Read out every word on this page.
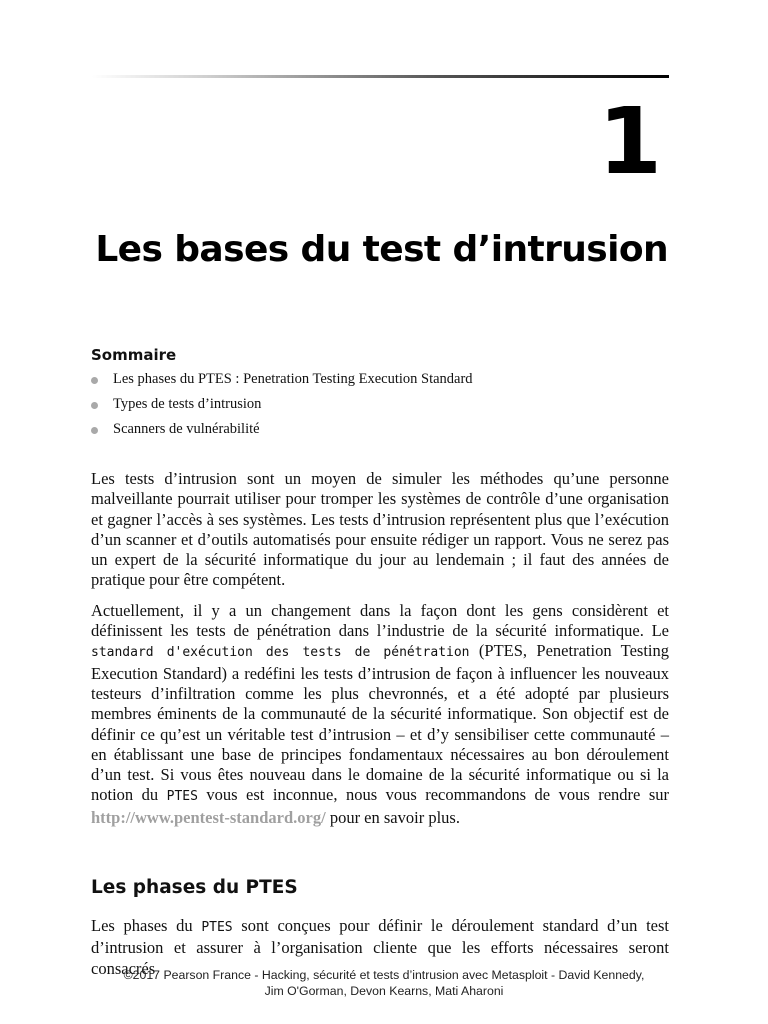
1
Les bases du test d’intrusion
Sommaire
Les phases du PTES : Penetration Testing Execution Standard
Types de tests d’intrusion
Scanners de vulnérabilité

Les tests d’intrusion sont un moyen de simuler les méthodes qu’une personne malveillante pourrait utiliser pour tromper les systèmes de contrôle d’une organisation et gagner l’accès à ses systèmes. Les tests d’intrusion représentent plus que l’exécution d’un scanner et d’outils automatisés pour ensuite rédiger un rapport. Vous ne serez pas un expert de la sécurité informatique du jour au lendemain ; il faut des années de pratique pour être compétent.

Actuellement, il y a un changement dans la façon dont les gens considèrent et définissent les tests de pénétration dans l’industrie de la sécurité informatique. Le standard d'exécution des tests de pénétration (PTES, Penetration Testing Execution Standard) a redéfini les tests d’intrusion de façon à influencer les nouveaux testeurs d’infiltration comme les plus chevronnés, et a été adopté par plusieurs membres éminents de la communauté de la sécurité informatique. Son objectif est de définir ce qu’est un véritable test d’intrusion – et d’y sensibiliser cette communauté – en établissant une base de principes fondamentaux nécessaires au bon déroulement d’un test. Si vous êtes nouveau dans le domaine de la sécurité informatique ou si la notion du PTES vous est inconnue, nous vous recommandons de vous rendre sur http://www.pentest-standard.org/ pour en savoir plus.

Les phases du PTES

Les phases du PTES sont conçues pour définir le déroulement standard d’un test d’intrusion et assurer à l’organisation cliente que les efforts nécessaires seront consacrés

©2017 Pearson France - Hacking, sécurité et tests d’intrusion avec Metasploit - David Kennedy,
Jim O'Gorman, Devon Kearns, Mati Aharoni
